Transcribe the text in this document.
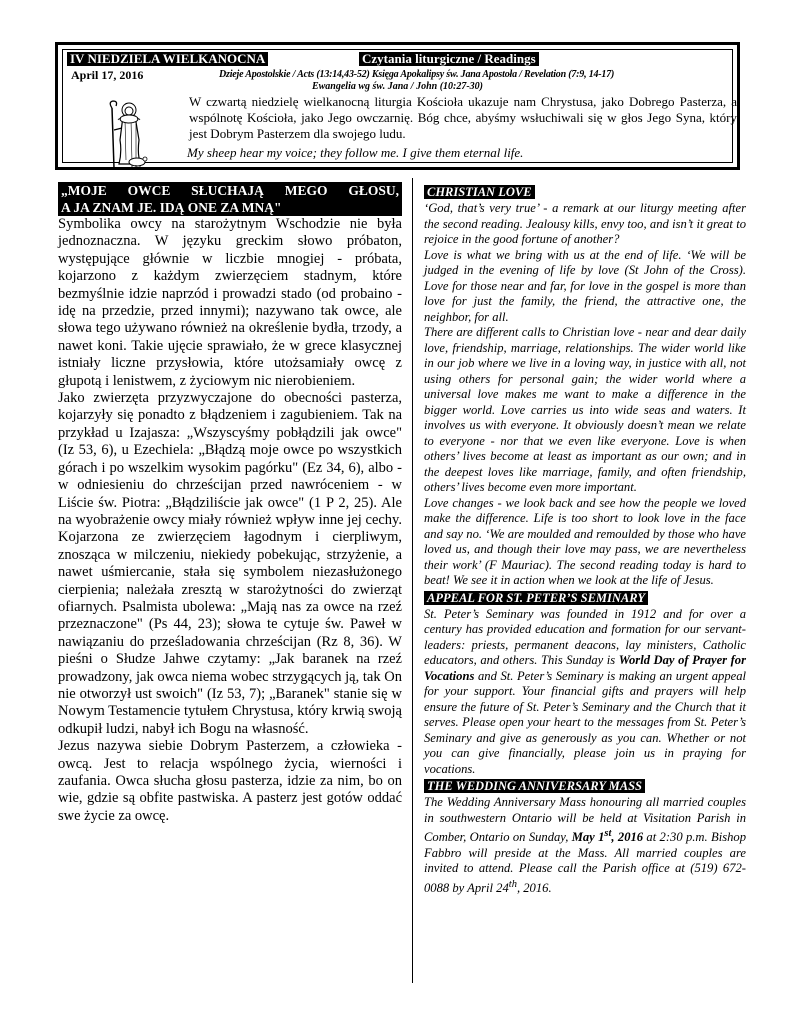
IV NIEDZIELA WIELKANOCNA	Czytania liturgiczne / Readings
April 17, 2016	Dzieje Apostolskie / Acts (13:14,43-52) Księga Apokalipsy św. Jana Apostoła / Revelation (7:9, 14-17)
Ewangelia wg św. Jana / John (10:27-30)
W czwartą niedzielę wielkanocną liturgia Kościoła ukazuje nam Chrystusa, jako Dobrego Pasterza, a wspólnotę Kościoła, jako Jego owczarnię. Bóg chce, abyśmy wsłuchiwali się w głos Jego Syna, który jest Dobrym Pasterzem dla swojego ludu.
My sheep hear my voice; they follow me. I give them eternal life.
„MOJE OWCE SŁUCHAJĄ MEGO GŁOSU,
A JA ZNAM JE. IDĄ ONE ZA MNĄ"

Symbolika owcy na starożytnym Wschodzie nie była jednoznaczna. W języku greckim słowo próbaton, występujące głównie w liczbie mnogiej - próbata, kojarzono z każdym zwierzęciem stadnym, które bezmyślnie idzie naprzód i prowadzi stado (od probaino - idę na przedzie, przed innymi); nazywano tak owce, ale słowa tego używano również na określenie bydła, trzody, a nawet koni. Takie ujęcie sprawiało, że w grece klasycznej istniały liczne przysłowia, które utożsamiały owcę z głupotą i lenistwem, z życiowym nic nierobieniem.

Jako zwierzęta przyzwyczajone do obecności pasterza, kojarzyły się ponadto z błądzeniem i zagubieniem. Tak na przykład u Izajasza: „Wszyscyśmy pobłądzili jak owce" (Iz 53, 6), u Ezechiela: „Błądzą moje owce po wszystkich górach i po wszelkim wysokim pagórku" (Ez 34, 6), albo - w odniesieniu do chrześcijan przed nawróceniem - w Liście św. Piotra: „Błądziliście jak owce" (1 P 2, 25). Ale na wyobrażenie owcy miały również wpływ inne jej cechy. Kojarzona ze zwierzęciem łagodnym i cierpliwym, znosząca w milczeniu, niekiedy pobekując, strzyżenie, a nawet uśmiercanie, stała się symbolem niezasłużonego cierpienia; należała zresztą w starożytności do zwierząt ofiarnych. Psalmista ubolewa: „Mają nas za owce na rzeź przeznaczone" (Ps 44, 23); słowa te cytuje św. Paweł w nawiązaniu do prześladowania chrześcijan (Rz 8, 36). W pieśni o Słudze Jahwe czytamy: „Jak baranek na rzeź prowadzony, jak owca niema wobec strzygących ją, tak On nie otworzył ust swoich" (Iz 53, 7); „Baranek" stanie się w Nowym Testamencie tytułem Chrystusa, który krwią swoją odkupił ludzi, nabył ich Bogu na własność.

Jezus nazywa siebie Dobrym Pasterzem, a człowieka - owcą. Jest to relacja wspólnego życia, wierności i zaufania. Owca słucha głosu pasterza, idzie za nim, bo on wie, gdzie są obfite pastwiska. A pasterz jest gotów oddać swe życie za owcę.

CHRISTIAN LOVE

‘God, that’s very true’ - a remark at our liturgy meeting after the second reading. Jealousy kills, envy too, and isn’t it great to rejoice in the good fortune of another?

Love is what we bring with us at the end of life. ‘We will be judged in the evening of life by love (St John of the Cross). Love for those near and far, for love in the gospel is more than love for just the family, the friend, the attractive one, the neighbor, for all.

There are different calls to Christian love - near and dear daily love, friendship, marriage, relationships. The wider world like in our job where we live in a loving way, in justice with all, not using others for personal gain; the wider world where a universal love makes me want to make a difference in the bigger world. Love carries us into wide seas and waters. It involves us with everyone. It obviously doesn’t mean we relate to everyone - nor that we even like everyone. Love is when others’ lives become at least as important as our own; and in the deepest loves like marriage, family, and often friendship, others’ lives become even more important.

Love changes - we look back and see how the people we loved make the difference. Life is too short to look love in the face and say no. ‘We are moulded and remoulded by those who have loved us, and though their love may pass, we are nevertheless their work’ (F Mauriac). The second reading today is hard to beat! We see it in action when we look at the life of Jesus.

APPEAL FOR ST. PETER’S SEMINARY

St. Peter’s Seminary was founded in 1912 and for over a century has provided education and formation for our servant-leaders: priests, permanent deacons, lay ministers, Catholic educators, and others. This Sunday is World Day of Prayer for Vocations and St. Peter’s Seminary is making an urgent appeal for your support. Your financial gifts and prayers will help ensure the future of St. Peter’s Seminary and the Church that it serves. Please open your heart to the messages from St. Peter’s Seminary and give as generously as you can. Whether or not you can give financially, please join us in praying for vocations.

THE WEDDING ANNIVERSARY MASS

The Wedding Anniversary Mass honouring all married couples in southwestern Ontario will be held at Visitation Parish in Comber, Ontario on Sunday, May 1st, 2016 at 2:30 p.m. Bishop Fabbro will preside at the Mass. All married couples are invited to attend. Please call the Parish office at (519) 672-0088 by April 24th, 2016.
